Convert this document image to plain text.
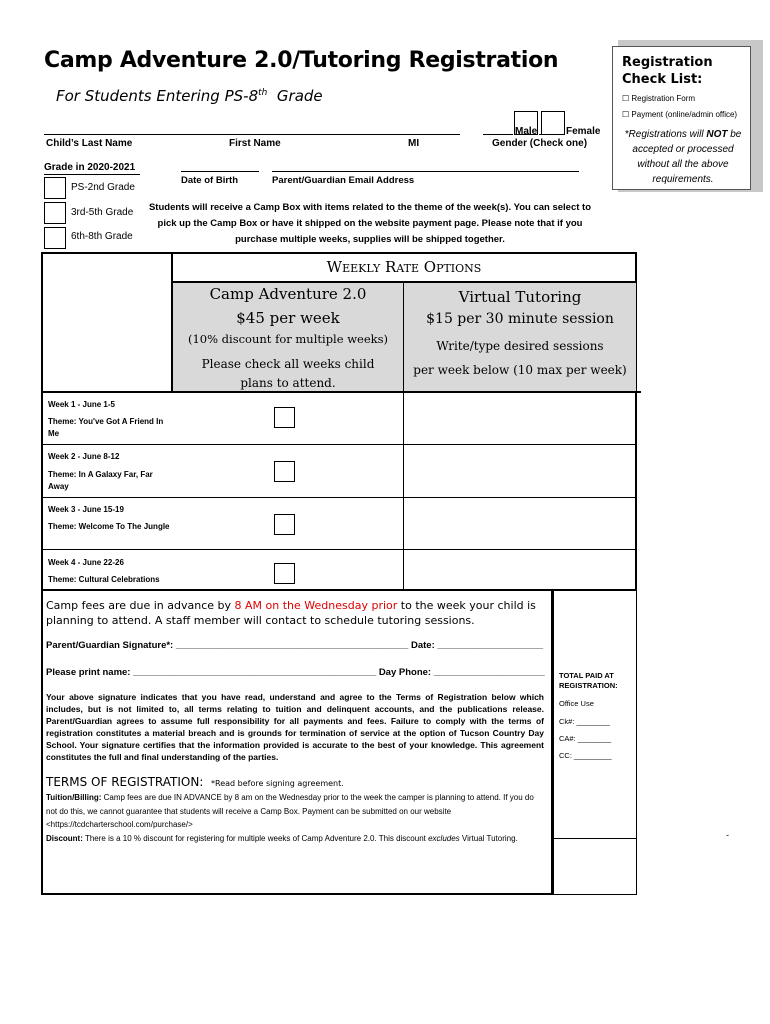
Camp Adventure 2.0/Tutoring Registration
For Students Entering PS-8th Grade
Registration
Check List:
☐ Registration Form
☐ Payment (online/admin office)
*Registrations will NOT be accepted or processed without all the above requirements.
Child’s Last Name	First Name	MI
Male	Female
Gender (Check one)
Grade in 2020-2021
PS-2nd Grade
3rd-5th Grade
6th-8th Grade
Date of Birth	Parent/Guardian Email Address
Students will receive a Camp Box with items related to the theme of the week(s). You can select to pick up the Camp Box or have it shipped on the website payment page. Please note that if you purchase multiple weeks, supplies will be shipped together.
Weekly Rate Options
Camp Adventure 2.0
$45 per week
(10% discount for multiple weeks)
Please check all weeks child plans to attend.
Virtual Tutoring
$15 per 30 minute session
Write/type desired sessions
per week below (10 max per week)
Week 1 - June 1-5
Theme: You've Got A Friend In Me
Week 2 - June 8-12
Theme: In A Galaxy Far, Far Away
Week 3 - June 15-19
Theme: Welcome To The Jungle
Week 4 - June 22-26
Theme: Cultural Celebrations
Camp fees are due in advance by 8 AM on the Wednesday prior to the week your child is planning to attend. A staff member will contact to schedule tutoring sessions.
Parent/Guardian Signature*: ____________________________________________ Date: ____________________
Please print name: ______________________________________________ Day Phone: _____________________
Your above signature indicates that you have read, understand and agree to the Terms of Registration below which includes, but is not limited to, all terms relating to tuition and delinquent accounts, and the publications release. Parent/Guardian agrees to assume full responsibility for all payments and fees. Failure to comply with the terms of registration constitutes a material breach and is grounds for termination of service at the option of Tucson Country Day School. Your signature certifies that the information provided is accurate to the best of your knowledge. This agreement constitutes the full and final understanding of the parties.
TERMS OF REGISTRATION: *Read before signing agreement.
Tuition/Billing: Camp fees are due IN ADVANCE by 8 am on the Wednesday prior to the week the camper is planning to attend. If you do not do this, we cannot guarantee that students will receive a Camp Box. Payment can be submitted on our website <https://tcdcharterschool.com/purchase/>
Discount: There is a 10 % discount for registering for multiple weeks of Camp Adventure 2.0. This discount excludes Virtual Tutoring.
TOTAL PAID AT REGISTRATION:
Office Use
Ck#: ________
CA#: ________
CC: _________
-
